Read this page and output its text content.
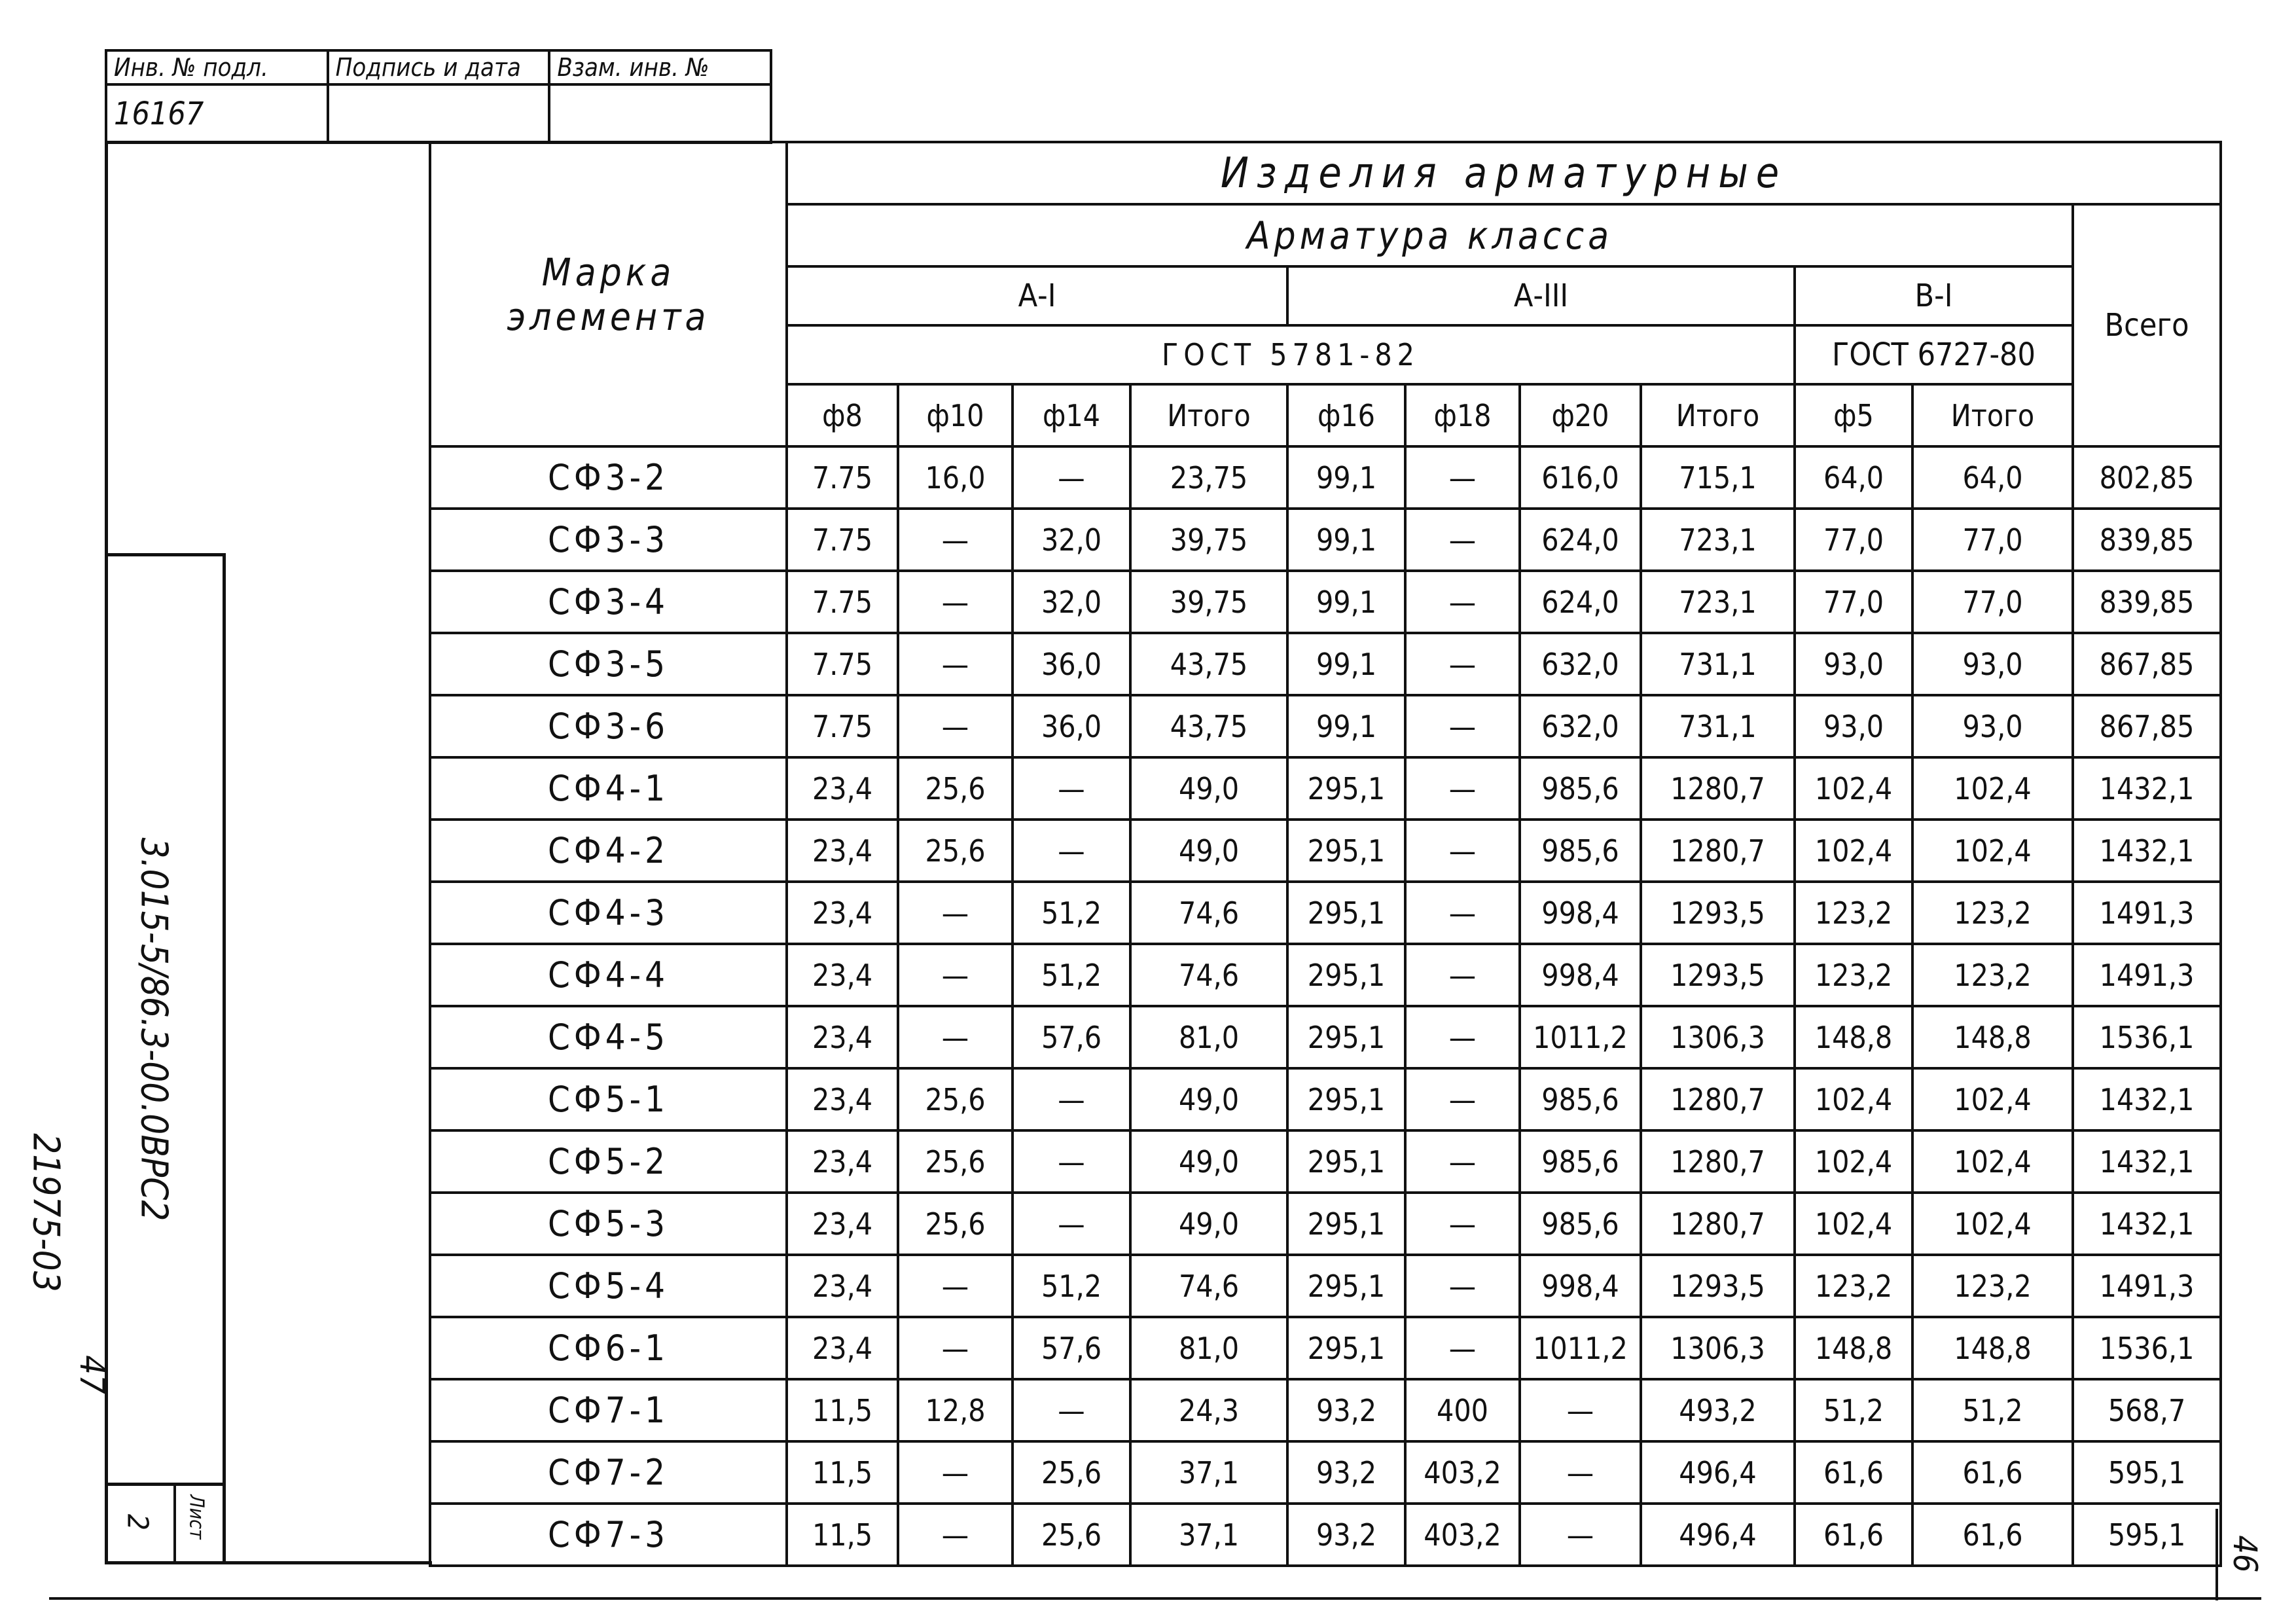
Инв. № подл.	Подпись и дата	Взам. инв. №
16167		
3.015-5/86.3-00.0ВРС2
21975-03
47
Лист
2
Марка элемента	Изделия арматурные										
	Арматура класса										Всего
	А-I				А-III				В-I		
	ГОСТ 5781-82								ГОСТ 6727-80		
	ф8	ф10	ф14	Итого	ф16	ф18	ф20	Итого	ф5	Итого	
СФ3-2	7.75	16,0	—	23,75	99,1	—	616,0	715,1	64,0	64,0	802,85
СФ3-3	7.75	—	32,0	39,75	99,1	—	624,0	723,1	77,0	77,0	839,85
СФ3-4	7.75	—	32,0	39,75	99,1	—	624,0	723,1	77,0	77,0	839,85
СФ3-5	7.75	—	36,0	43,75	99,1	—	632,0	731,1	93,0	93,0	867,85
СФ3-6	7.75	—	36,0	43,75	99,1	—	632,0	731,1	93,0	93,0	867,85
СФ4-1	23,4	25,6	—	49,0	295,1	—	985,6	1280,7	102,4	102,4	1432,1
СФ4-2	23,4	25,6	—	49,0	295,1	—	985,6	1280,7	102,4	102,4	1432,1
СФ4-3	23,4	—	51,2	74,6	295,1	—	998,4	1293,5	123,2	123,2	1491,3
СФ4-4	23,4	—	51,2	74,6	295,1	—	998,4	1293,5	123,2	123,2	1491,3
СФ4-5	23,4	—	57,6	81,0	295,1	—	1011,2	1306,3	148,8	148,8	1536,1
СФ5-1	23,4	25,6	—	49,0	295,1	—	985,6	1280,7	102,4	102,4	1432,1
СФ5-2	23,4	25,6	—	49,0	295,1	—	985,6	1280,7	102,4	102,4	1432,1
СФ5-3	23,4	25,6	—	49,0	295,1	—	985,6	1280,7	102,4	102,4	1432,1
СФ5-4	23,4	—	51,2	74,6	295,1	—	998,4	1293,5	123,2	123,2	1491,3
СФ6-1	23,4	—	57,6	81,0	295,1	—	1011,2	1306,3	148,8	148,8	1536,1
СФ7-1	11,5	12,8	—	24,3	93,2	400	—	493,2	51,2	51,2	568,7
СФ7-2	11,5	—	25,6	37,1	93,2	403,2	—	496,4	61,6	61,6	595,1
СФ7-3	11,5	—	25,6	37,1	93,2	403,2	—	496,4	61,6	61,6	595,1
46
